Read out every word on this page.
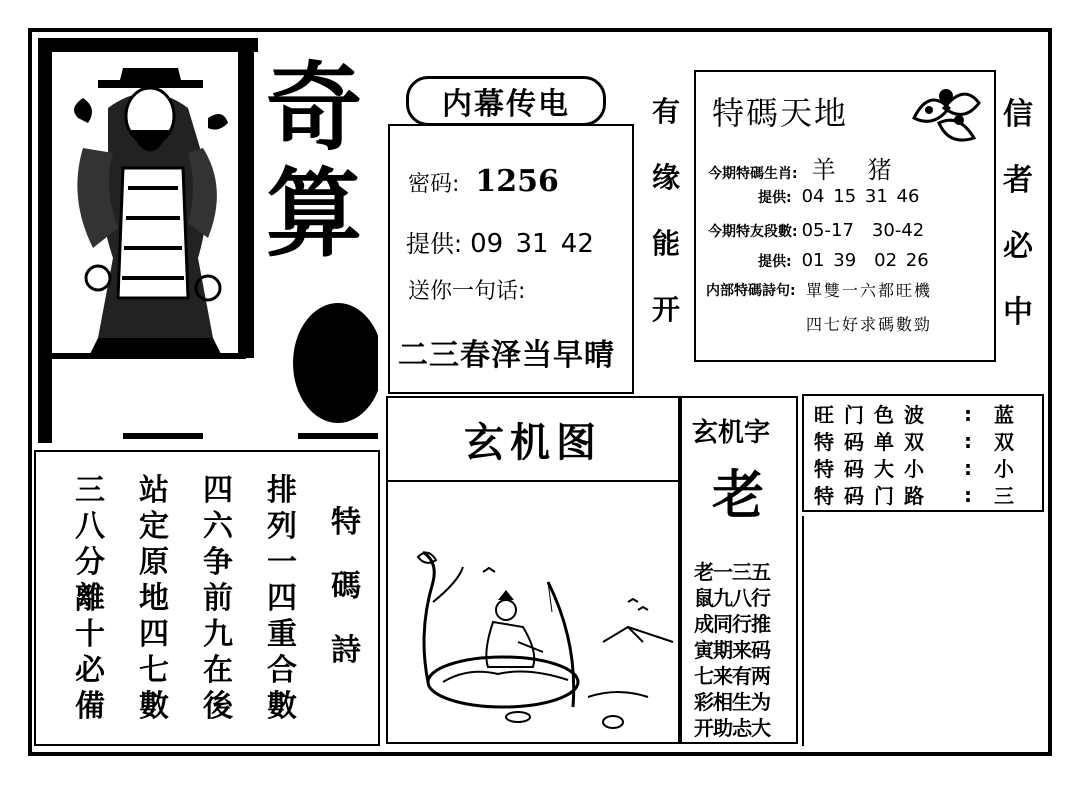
奇
算
内幕传电
密码: 1256
提供: 09 31 42
送你一句话:
二三春泽当早晴
有
缘
能
开
特碼天地
今期特碼生肖: 羊　猪
提供: 04 15 31 46
今期特友段數: 05-17　30-42
提供: 01 39　02 26
内部特碼詩句: 單雙一六都旺機
四七好求碼數勁
信
者
必
中
三
八
分
離
十
必
備
站
定
原
地
四
七
數
四
六
争
前
九
在
後
排
列
一
四
重
合
數
特
碼
詩
玄机图	玄机字
老
老一三五
鼠九八行
成同行推
寅期来码
七来有两
彩相生为
开助忐大
旺门色波	:	蓝
特码单双	:	双
特码大小	:	小
特码门路	:	三
